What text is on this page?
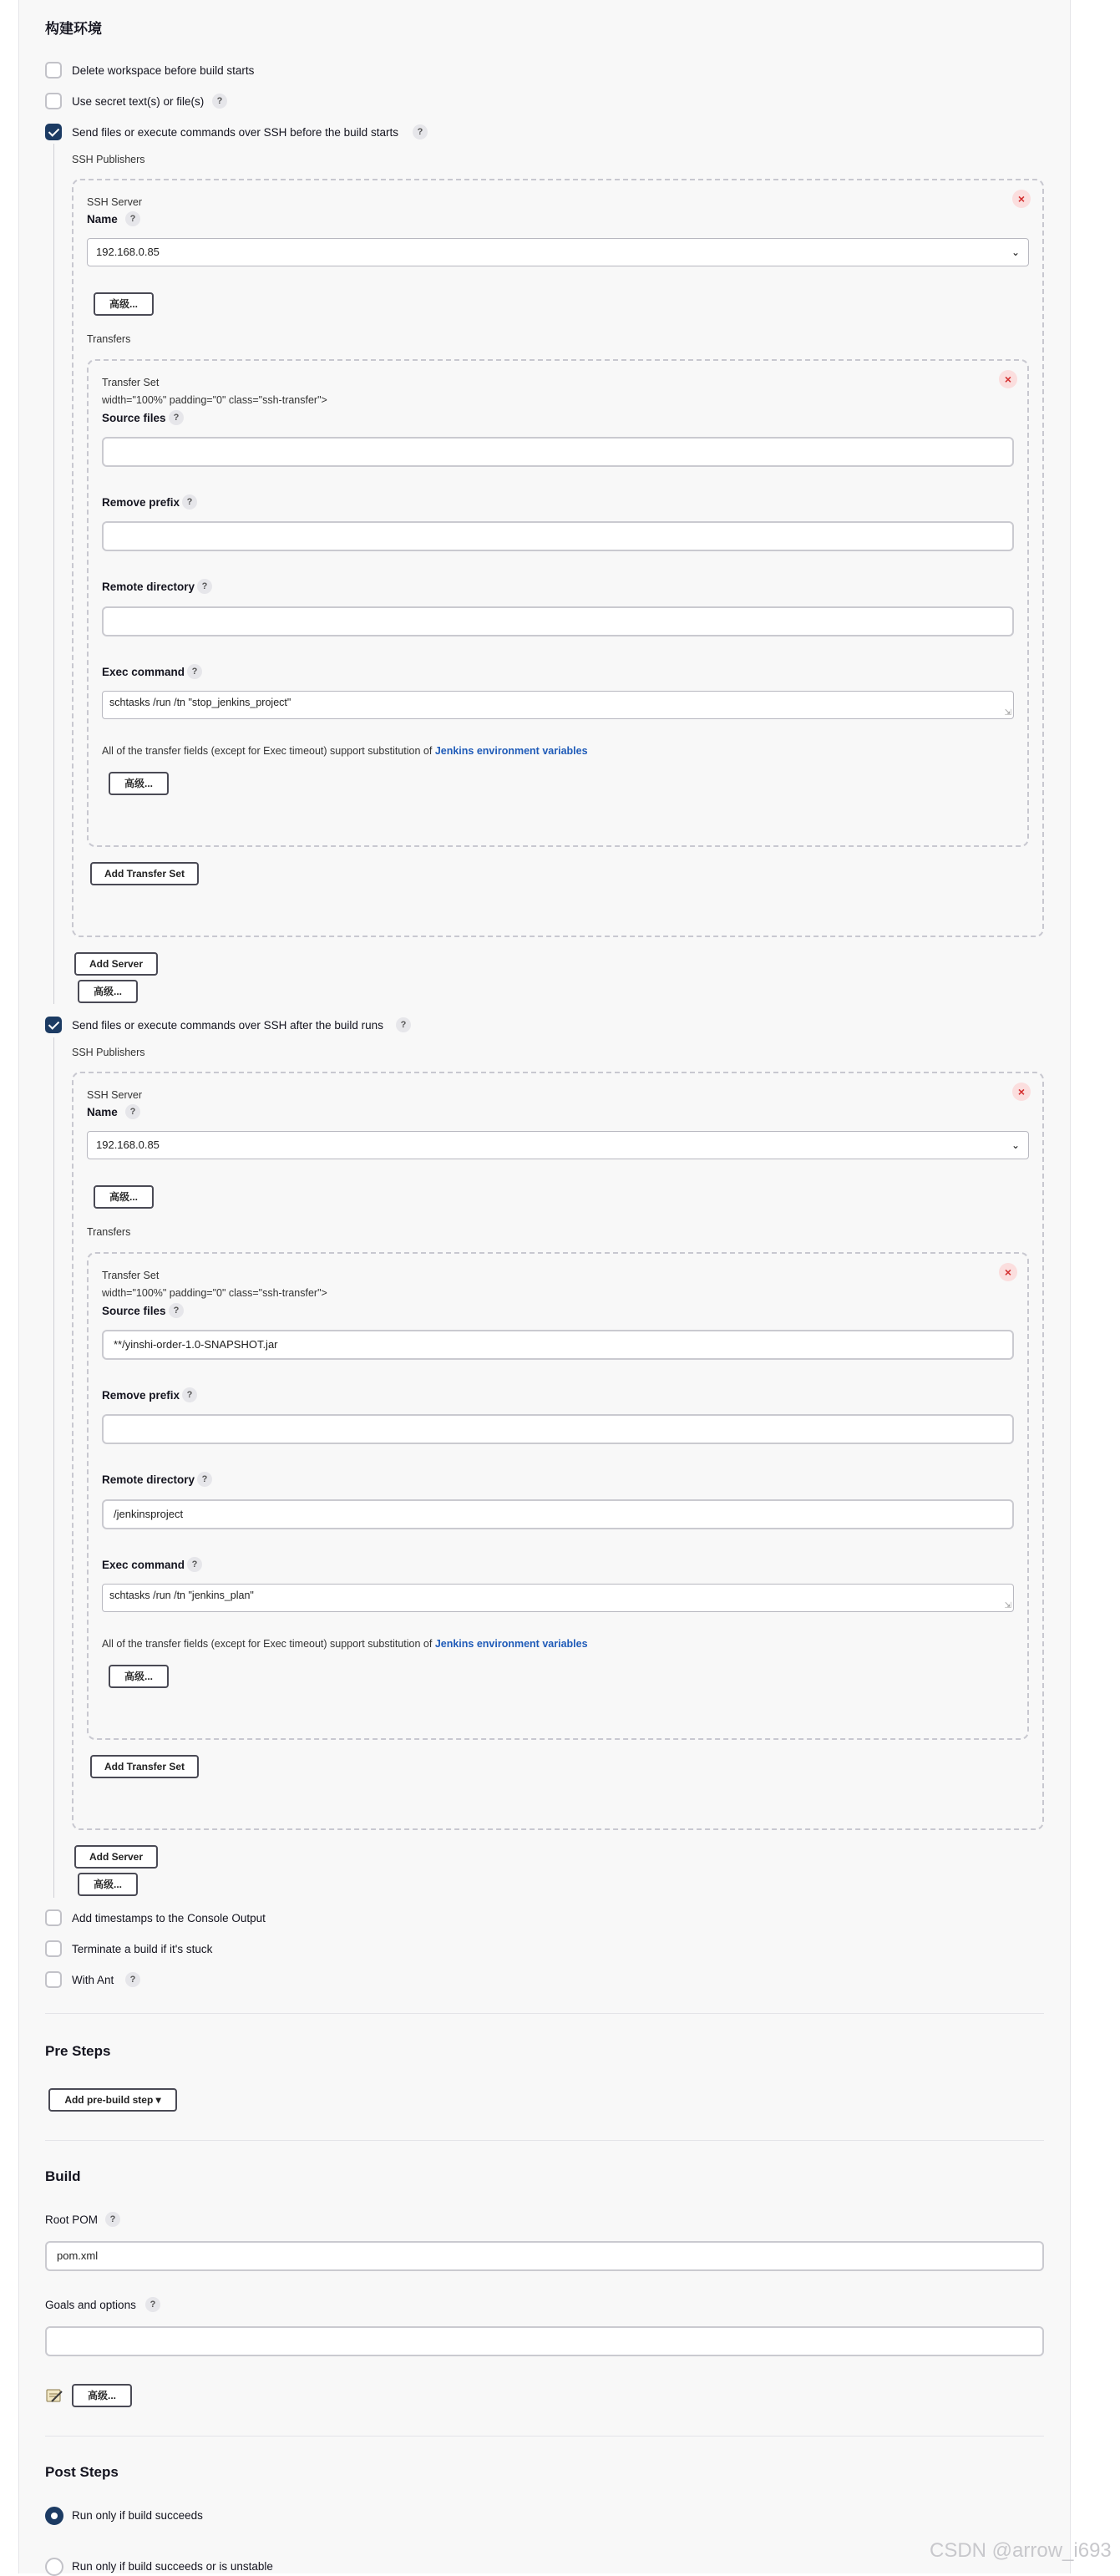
构建环境
Delete workspace before build starts
Use secret text(s) or file(s)	?
Send files or execute commands over SSH before the build starts	?
SSH Publishers
×
SSH Server
Name	?
192.168.0.85	⌄
高级...
Transfers
×
Transfer Set
width="100%" padding="0" class="ssh-transfer">
Source files ?
Remove prefix ?
Remote directory ?
Exec command ?
schtasks /run /tn "stop_jenkins_project"
⇲
All of the transfer fields (except for Exec timeout) support substitution of Jenkins environment variables
高级...
Add Transfer Set
Add Server
高级...
Send files or execute commands over SSH after the build runs	?
SSH Publishers
×
SSH Server
Name	?
192.168.0.85	⌄
高级...
Transfers
×
Transfer Set
width="100%" padding="0" class="ssh-transfer">
Source files ?
**/yinshi-order-1.0-SNAPSHOT.jar
Remove prefix ?
Remote directory ?
/jenkinsproject
Exec command ?
schtasks /run /tn "jenkins_plan"
⇲
All of the transfer fields (except for Exec timeout) support substitution of Jenkins environment variables
高级...
Add Transfer Set
Add Server
高级...
Add timestamps to the Console Output
Terminate a build if it's stuck
With Ant	?
Pre Steps
Add pre-build step ▾
Build
Root POM	?
pom.xml
Goals and options	?
高级...
Post Steps
Run only if build succeeds
Run only if build succeeds or is unstable
CSDN @arrow_i693
